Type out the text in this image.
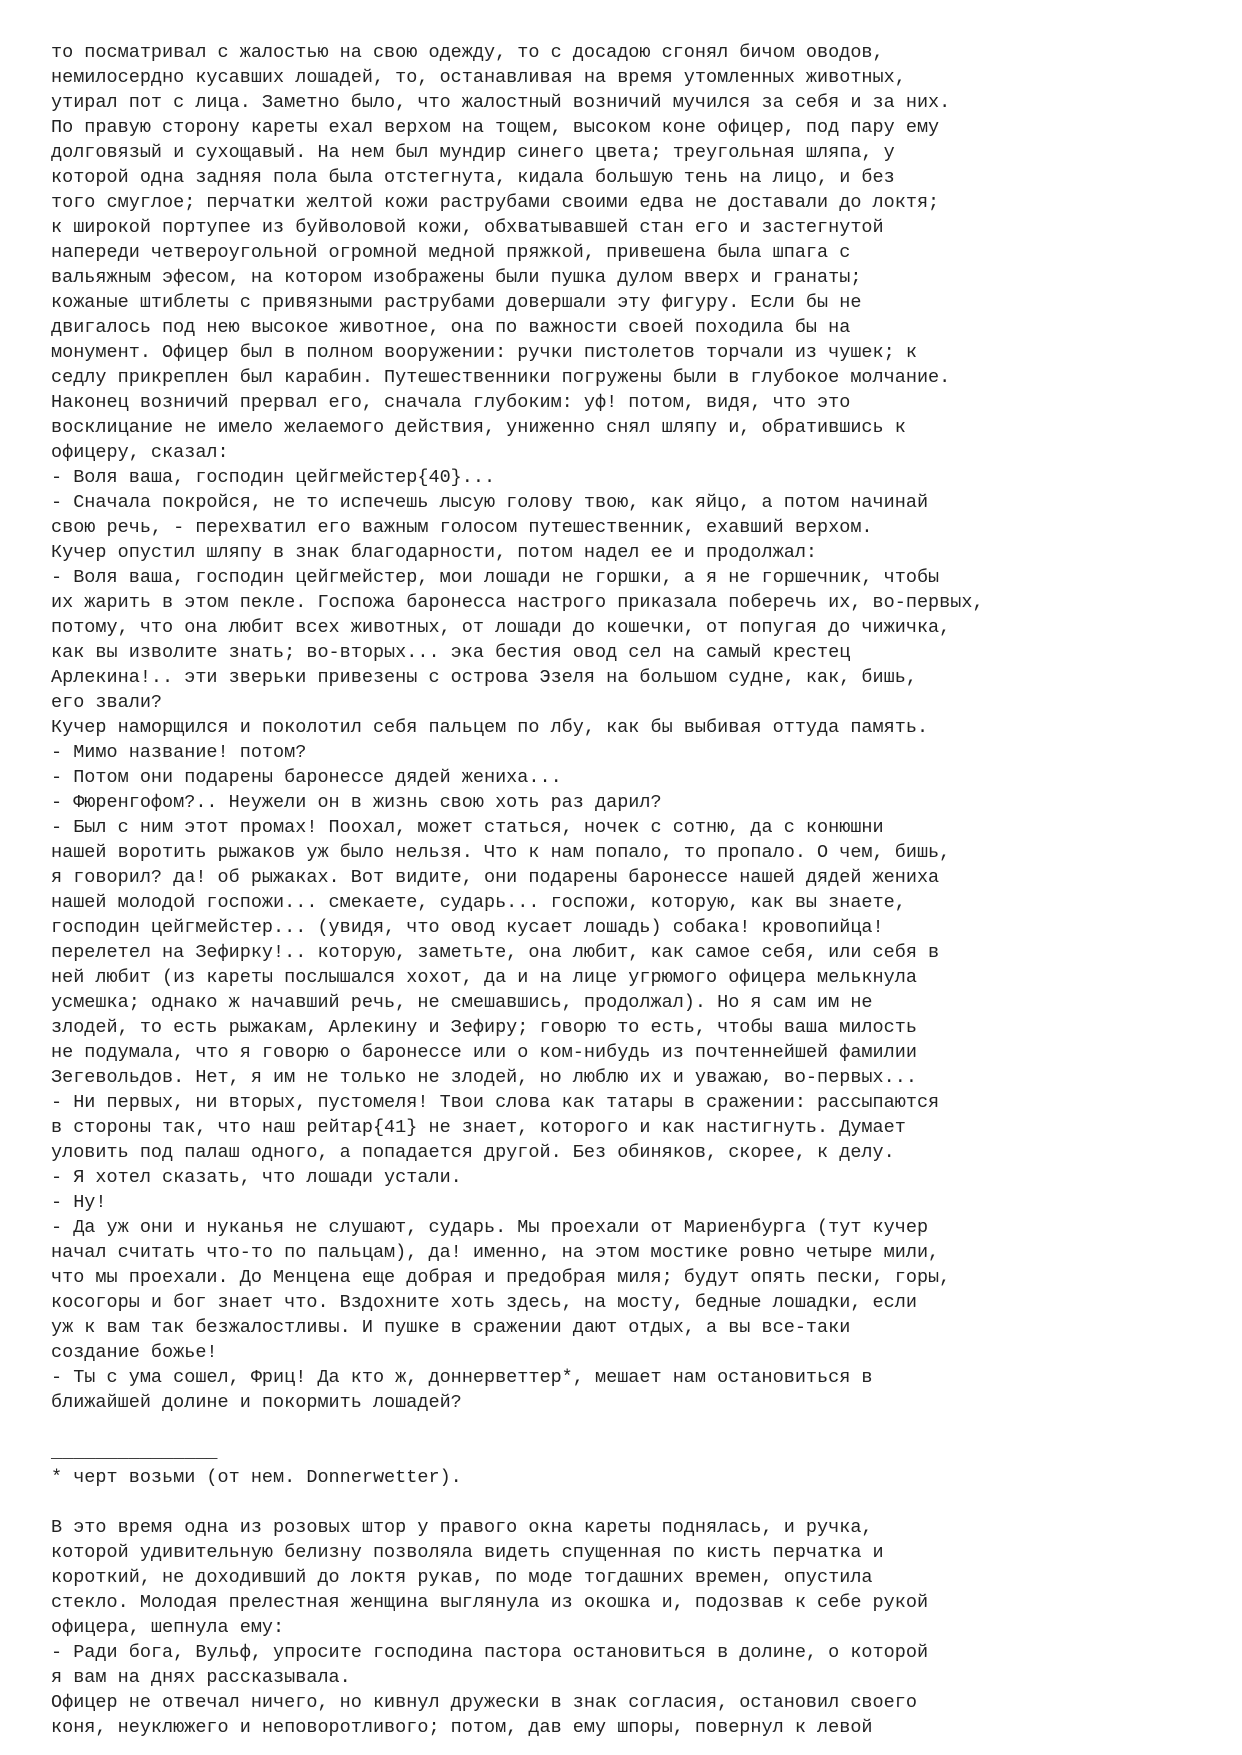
то посматривал с жалостью на свою одежду, то с досадою сгонял бичом оводов,
немилосердно кусавших лошадей, то, останавливая на время утомленных животных,
утирал пот с лица. Заметно было, что жалостный возничий мучился за себя и за них.
По правую сторону кареты ехал верхом на тощем, высоком коне офицер, под пару ему
долговязый и сухощавый. На нем был мундир синего цвета; треугольная шляпа, у
которой одна задняя пола была отстегнута, кидала большую тень на лицо, и без
того смуглое; перчатки желтой кожи раструбами своими едва не доставали до локтя;
к широкой портупее из буйволовой кожи, обхватывавшей стан его и застегнутой
напереди четвероугольной огромной медной пряжкой, привешена была шпага с
вальяжным эфесом, на котором изображены были пушка дулом вверх и гранаты;
кожаные штиблеты с привязными раструбами довершали эту фигуру. Если бы не
двигалось под нею высокое животное, она по важности своей походила бы на
монумент. Офицер был в полном вооружении: ручки пистолетов торчали из чушек; к
седлу прикреплен был карабин. Путешественники погружены были в глубокое молчание.
Наконец возничий прервал его, сначала глубоким: уф! потом, видя, что это
восклицание не имело желаемого действия, униженно снял шляпу и, обратившись к
офицеру, сказал:
- Воля ваша, господин цейгмейстер{40}...
- Сначала покройся, не то испечешь лысую голову твою, как яйцо, а потом начинай
свою речь, - перехватил его важным голосом путешественник, ехавший верхом.
Кучер опустил шляпу в знак благодарности, потом надел ее и продолжал:
- Воля ваша, господин цейгмейстер, мои лошади не горшки, а я не горшечник, чтобы
их жарить в этом пекле. Госпожа баронесса настрого приказала поберечь их, во-первых,
потому, что она любит всех животных, от лошади до кошечки, от попугая до чижичка,
как вы изволите знать; во-вторых... эка бестия овод сел на самый крестец
Арлекина!.. эти зверьки привезены с острова Эзеля на большом судне, как, бишь,
его звали?
Кучер наморщился и поколотил себя пальцем по лбу, как бы выбивая оттуда память.
- Мимо название! потом?
- Потом они подарены баронессе дядей жениха...
- Фюренгофом?.. Неужели он в жизнь свою хоть раз дарил?
- Был с ним этот промах! Поохал, может статься, ночек с сотню, да с конюшни
нашей воротить рыжаков уж было нельзя. Что к нам попало, то пропало. О чем, бишь,
я говорил? да! об рыжаках. Вот видите, они подарены баронессе нашей дядей жениха
нашей молодой госпожи... смекаете, сударь... госпожи, которую, как вы знаете,
господин цейгмейстер... (увидя, что овод кусает лошадь) собака! кровопийца!
перелетел на Зефирку!.. которую, заметьте, она любит, как самое себя, или себя в
ней любит (из кареты послышался хохот, да и на лице угрюмого офицера мелькнула
усмешка; однако ж начавший речь, не смешавшись, продолжал). Но я сам им не
злодей, то есть рыжакам, Арлекину и Зефиру; говорю то есть, чтобы ваша милость
не подумала, что я говорю о баронессе или о ком-нибудь из почтеннейшей фамилии
Зегевольдов. Нет, я им не только не злодей, но люблю их и уважаю, во-первых...
- Ни первых, ни вторых, пустомеля! Твои слова как татары в сражении: рассыпаются
в стороны так, что наш рейтар{41} не знает, которого и как настигнуть. Думает
уловить под палаш одного, а попадается другой. Без обиняков, скорее, к делу.
- Я хотел сказать, что лошади устали.
- Ну!
- Да уж они и нуканья не слушают, сударь. Мы проехали от Мариенбурга (тут кучер
начал считать что-то по пальцам), да! именно, на этом мостике ровно четыре мили,
что мы проехали. До Менцена еще добрая и предобрая миля; будут опять пески, горы,
косогоры и бог знает что. Вздохните хоть здесь, на мосту, бедные лошадки, если
уж к вам так безжалостливы. И пушке в сражении дают отдых, а вы все-таки
создание божье!
- Ты с ума сошел, Фриц! Да кто ж, доннерветтер*, мешает нам остановиться в
ближайшей долине и покормить лошадей?
_______________
* черт возьми (от нем. Donnerwetter).
В это время одна из розовых штор у правого окна кареты поднялась, и ручка,
которой удивительную белизну позволяла видеть спущенная по кисть перчатка и
короткий, не доходивший до локтя рукав, по моде тогдашних времен, опустила
стекло. Молодая прелестная женщина выглянула из окошка и, подозвав к себе рукой
офицера, шепнула ему:
- Ради бога, Вульф, упросите господина пастора остановиться в долине, о которой
я вам на днях рассказывала.
Офицер не отвечал ничего, но кивнул дружески в знак согласия, остановил своего
коня, неуклюжего и неповоротливого; потом, дав ему шпоры, повернул к левой
